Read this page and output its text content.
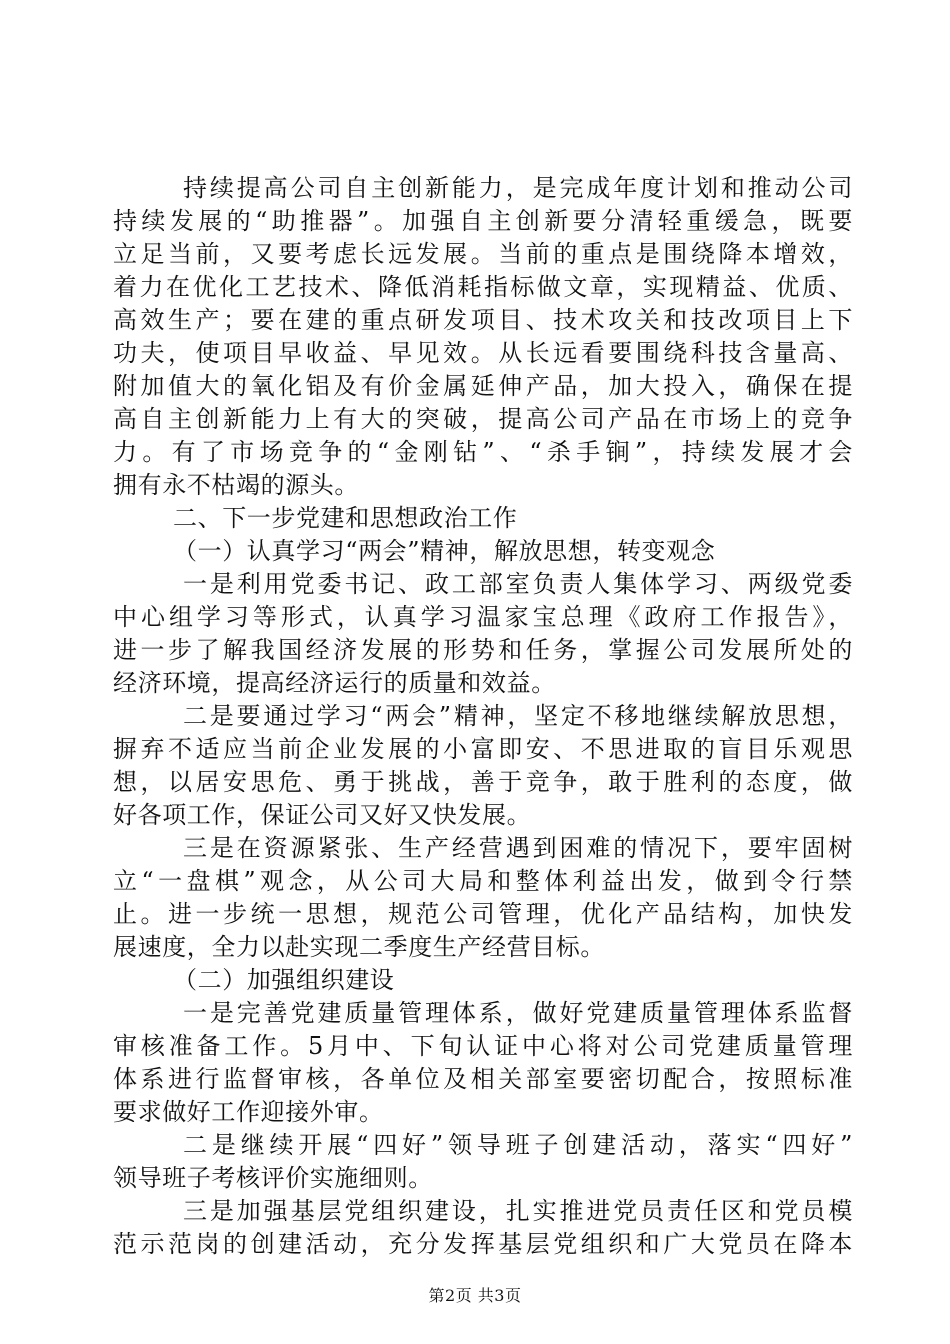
持续提高公司自主创新能力，是完成年度计划和推动公司
持续发展的“助推器”。加强自主创新要分清轻重缓急，既要
立足当前，又要考虑长远发展。当前的重点是围绕降本增效，
着力在优化工艺技术、降低消耗指标做文章，实现精益、优质、
高效生产；要在建的重点研发项目、技术攻关和技改项目上下
功夫，使项目早收益、早见效。从长远看要围绕科技含量高、
附加值大的氧化铝及有价金属延伸产品，加大投入，确保在提
高自主创新能力上有大的突破，提高公司产品在市场上的竞争
力。有了市场竞争的“金刚钻”、“杀手锏”，持续发展才会
拥有永不枯竭的源头。
二、下一步党建和思想政治工作
（一）认真学习“两会”精神，解放思想，转变观念
一是利用党委书记、政工部室负责人集体学习、两级党委
中心组学习等形式，认真学习温家宝总理《政府工作报告》，
进一步了解我国经济发展的形势和任务，掌握公司发展所处的
经济环境，提高经济运行的质量和效益。
二是要通过学习“两会”精神，坚定不移地继续解放思想，
摒弃不适应当前企业发展的小富即安、不思进取的盲目乐观思
想，以居安思危、勇于挑战，善于竞争，敢于胜利的态度，做
好各项工作，保证公司又好又快发展。
三是在资源紧张、生产经营遇到困难的情况下，要牢固树
立“一盘棋”观念，从公司大局和整体利益出发，做到令行禁
止。进一步统一思想，规范公司管理，优化产品结构，加快发
展速度，全力以赴实现二季度生产经营目标。
（二）加强组织建设
一是完善党建质量管理体系，做好党建质量管理体系监督
审核准备工作。5月中、下旬认证中心将对公司党建质量管理
体系进行监督审核，各单位及相关部室要密切配合，按照标准
要求做好工作迎接外审。
二是继续开展“四好”领导班子创建活动，落实“四好”
领导班子考核评价实施细则。
三是加强基层党组织建设，扎实推进党员责任区和党员模
范示范岗的创建活动，充分发挥基层党组织和广大党员在降本
第2页 共3页
